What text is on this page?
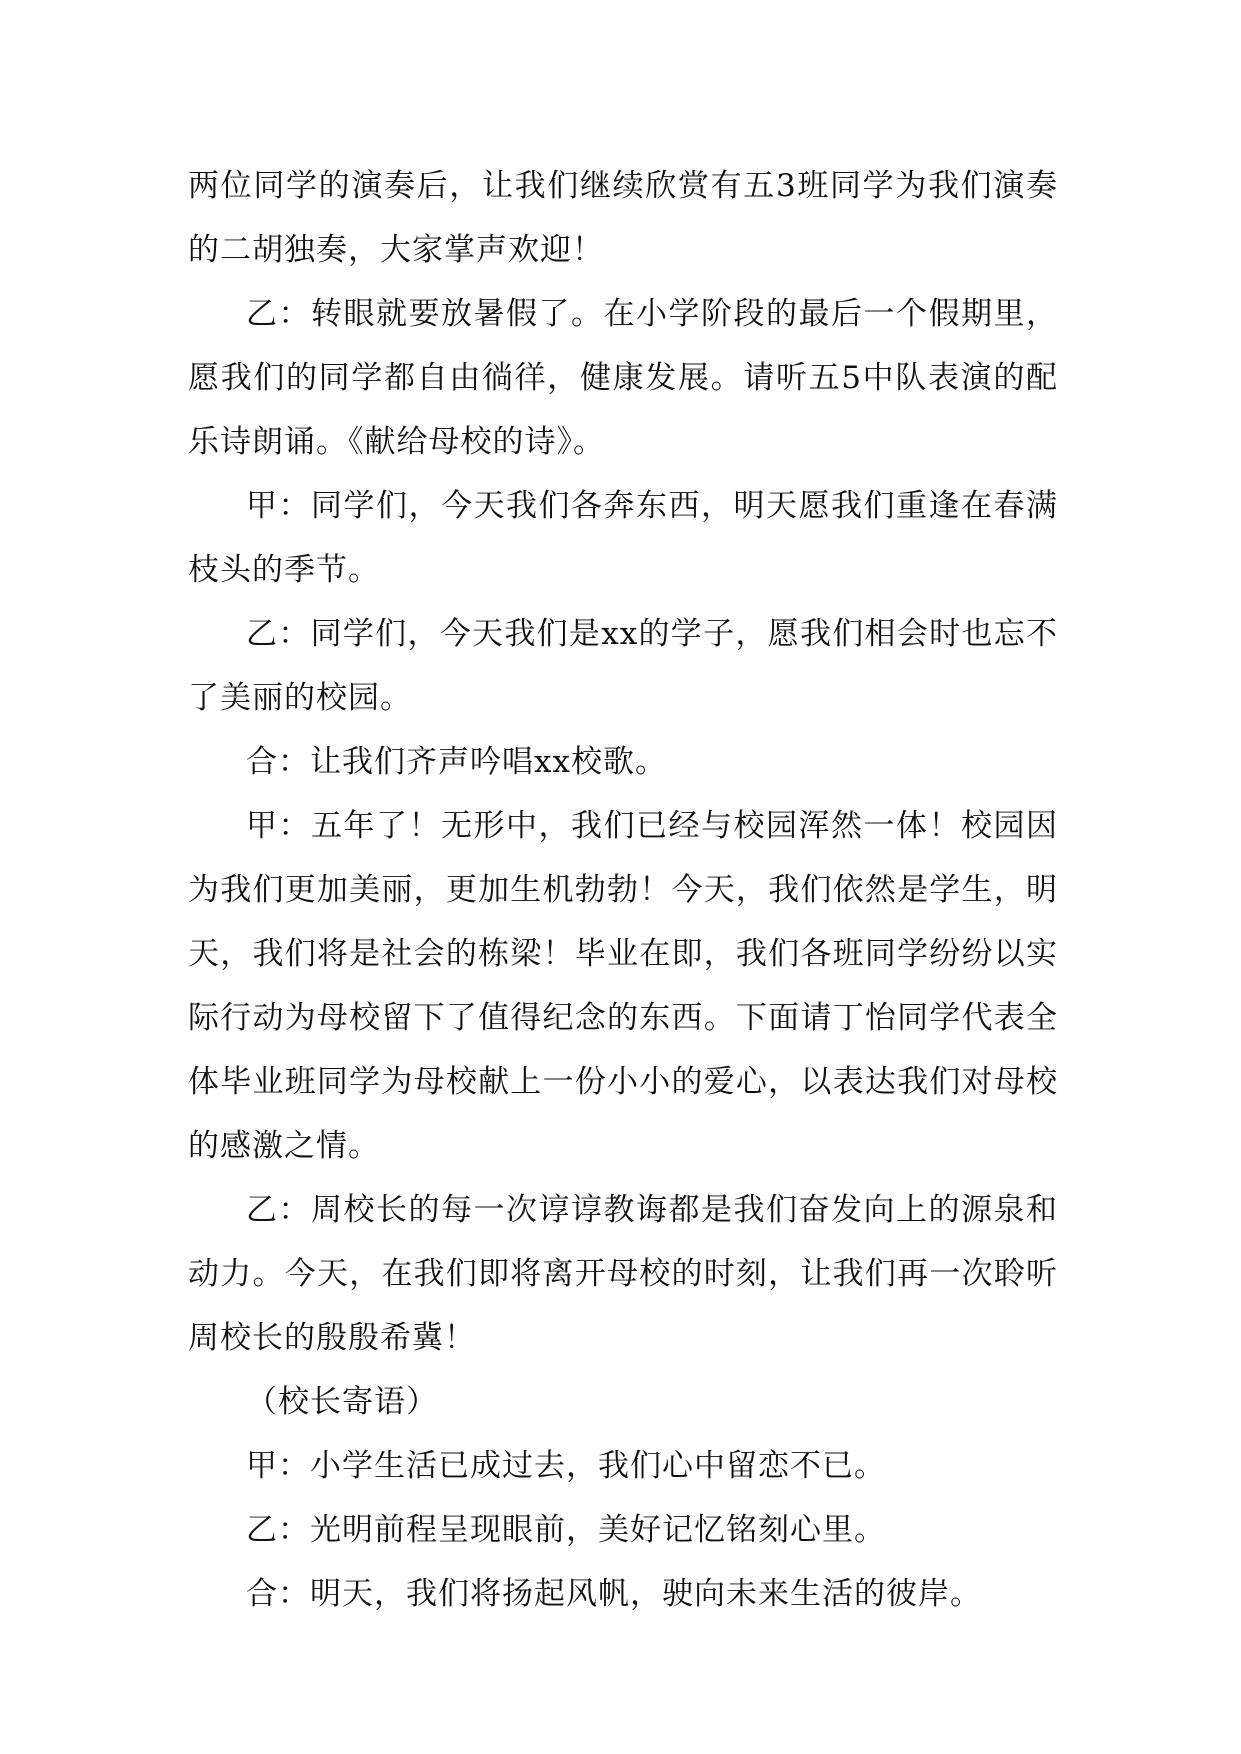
两位同学的演奏后，让我们继续欣赏有五3班同学为我们演奏的二胡独奏，大家掌声欢迎！

乙：转眼就要放暑假了。在小学阶段的最后一个假期里，愿我们的同学都自由徜徉，健康发展。请听五5中队表演的配乐诗朗诵。《献给母校的诗》。

甲：同学们，今天我们各奔东西，明天愿我们重逢在春满枝头的季节。

乙：同学们，今天我们是xx的学子，愿我们相会时也忘不了美丽的校园。

合：让我们齐声吟唱xx校歌。

甲：五年了！无形中，我们已经与校园浑然一体！校园因为我们更加美丽，更加生机勃勃！今天，我们依然是学生，明天，我们将是社会的栋梁！毕业在即，我们各班同学纷纷以实际行动为母校留下了值得纪念的东西。下面请丁怡同学代表全体毕业班同学为母校献上一份小小的爱心，以表达我们对母校的感激之情。

乙：周校长的每一次谆谆教诲都是我们奋发向上的源泉和动力。今天，在我们即将离开母校的时刻，让我们再一次聆听周校长的殷殷希冀！

（校长寄语）

甲：小学生活已成过去，我们心中留恋不已。

乙：光明前程呈现眼前，美好记忆铭刻心里。

合：明天，我们将扬起风帆，驶向未来生活的彼岸。
